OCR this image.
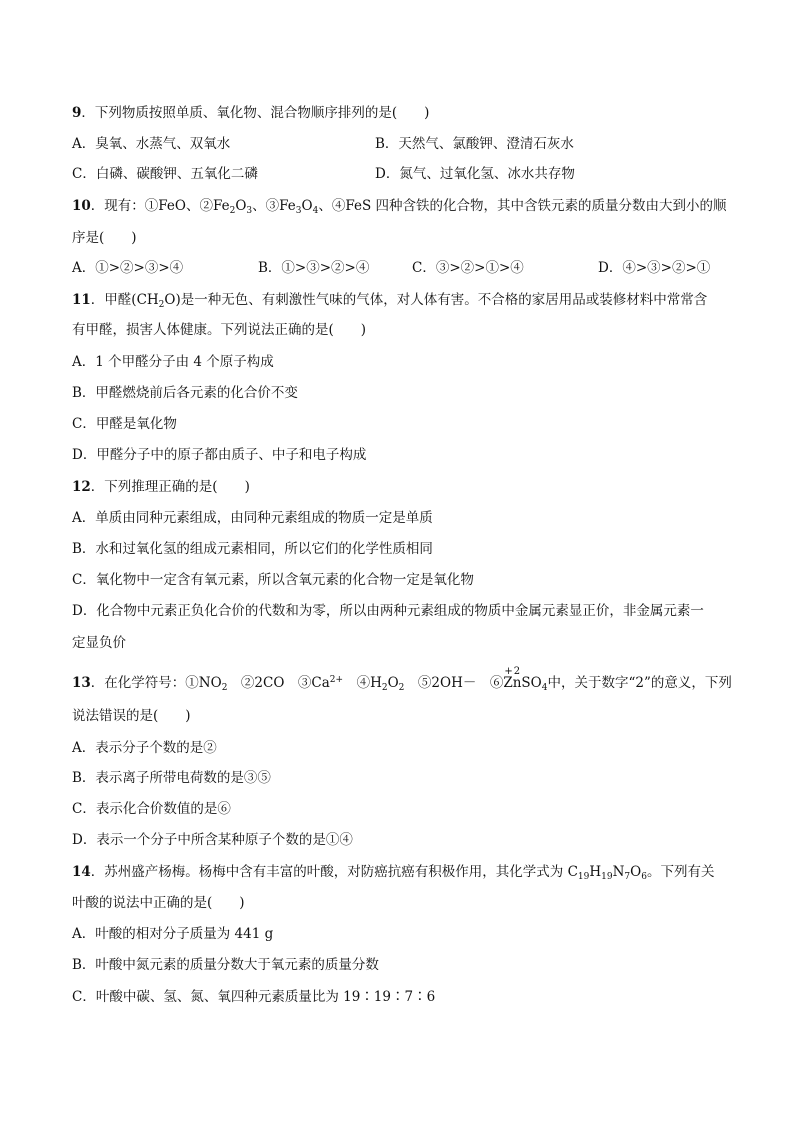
9．下列物质按照单质、氧化物、混合物顺序排列的是(　　)
A．臭氧、水蒸气、双氧水	B．天然气、氯酸钾、澄清石灰水
C．白磷、碳酸钾、五氧化二磷	D．氮气、过氧化氢、冰水共存物
10．现有：①FeO、$②Fe_2O_3$、$③Fe_3O_4$、④FeS 四种含铁的化合物，其中含铁元素的质量分数由大到小的顺
序是(　　)
A．①>②>③>④	B．①>③>②>④	C．③>②>①>④	D．④>③>②>①
11．甲醛$(CH_2O)$是一种无色、有刺激性气味的气体，对人体有害。不合格的家居用品或装修材料中常常含
有甲醛，损害人体健康。下列说法正确的是(　　)
A．1 个甲醛分子由 4 个原子构成
B．甲醛燃烧前后各元素的化合价不变
C．甲醛是氧化物
D．甲醛分子中的原子都由质子、中子和电子构成
12．下列推理正确的是(　　)
A．单质由同种元素组成，由同种元素组成的物质一定是单质
B．水和过氧化氢的组成元素相同，所以它们的化学性质相同
C．氧化物中一定含有氧元素，所以含氧元素的化合物一定是氧化物
D．化合物中元素正负化合价的代数和为零，所以由两种元素组成的物质中金属元素显正价，非金属元素一
定显负价
13．在化学符号：$①NO_2$　②2CO　$③Ca^{2+}$　$④H_2O_2$　⑤2OH－　⑥
+2
ZnSO$_4$中，关于数字“2”的意义，下列
说法错误的是(　　)
A．表示分子个数的是②
B．表示离子所带电荷数的是③⑤
C．表示化合价数值的是⑥
D．表示一个分子中所含某种原子个数的是①④
14．苏州盛产杨梅。杨梅中含有丰富的叶酸，对防癌抗癌有积极作用，其化学式为 $C_{19}H_{19}N_7O_6$。下列有关
叶酸的说法中正确的是(　　)
A．叶酸的相对分子质量为 441 g
B．叶酸中氮元素的质量分数大于氧元素的质量分数
C．叶酸中碳、氢、氮、氧四种元素质量比为 19∶19∶7∶6
